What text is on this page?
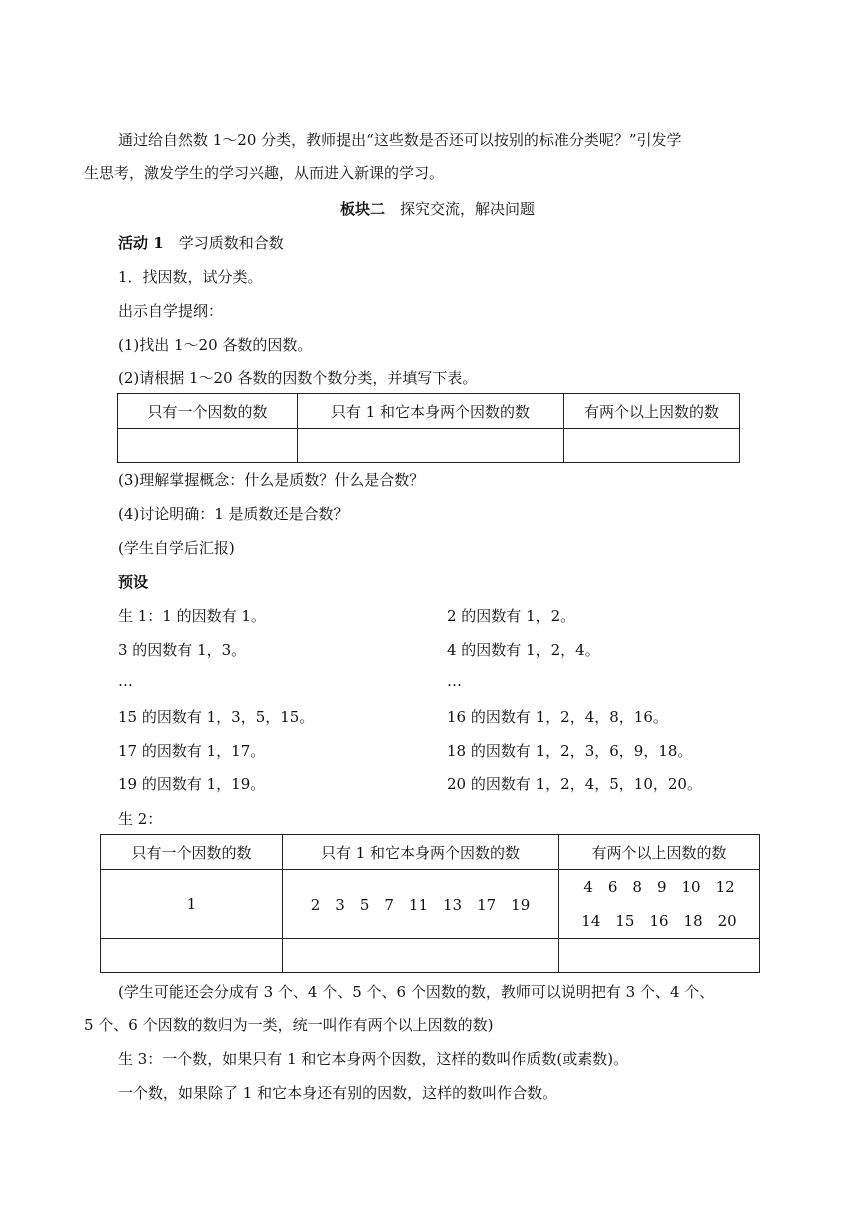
通过给自然数 1～20 分类，教师提出“这些数是否还可以按别的标准分类呢？”引发学
生思考，激发学生的学习兴趣，从而进入新课的学习。
板块二　 探究交流，解决问题
活动 1　 学习质数和合数
1．找因数，试分类。
出示自学提纲：
(1)找出 1～20 各数的因数。
(2)请根据 1～20 各数的因数个数分类，并填写下表。
只有一个因数的数	只有 1 和它本身两个因数的数	有两个以上因数的数

(3)理解掌握概念：什么是质数？什么是合数？
(4)讨论明确：1 是质数还是合数？
(学生自学后汇报)
预设
生 1：1 的因数有 1。	2 的因数有 1，2。
3 的因数有 1，3。	4 的因数有 1，2，4。
…	…
15 的因数有 1，3，5，15。	16 的因数有 1，2，4，8，16。
17 的因数有 1，17。	18 的因数有 1，2，3，6，9，18。
19 的因数有 1，19。	20 的因数有 1，2，4，5，10，20。
生 2：
只有一个因数的数	只有 1 和它本身两个因数的数	有两个以上因数的数
1	2　3　5　7　11　13　17　19	4　6　8　9　10　12
14　15　16　18　20

(学生可能还会分成有 3 个、4 个、5 个、6 个因数的数，教师可以说明把有 3 个、4 个、
5 个、6 个因数的数归为一类，统一叫作有两个以上因数的数)
生 3：一个数，如果只有 1 和它本身两个因数，这样的数叫作质数(或素数)。
一个数，如果除了 1 和它本身还有别的因数，这样的数叫作合数。
